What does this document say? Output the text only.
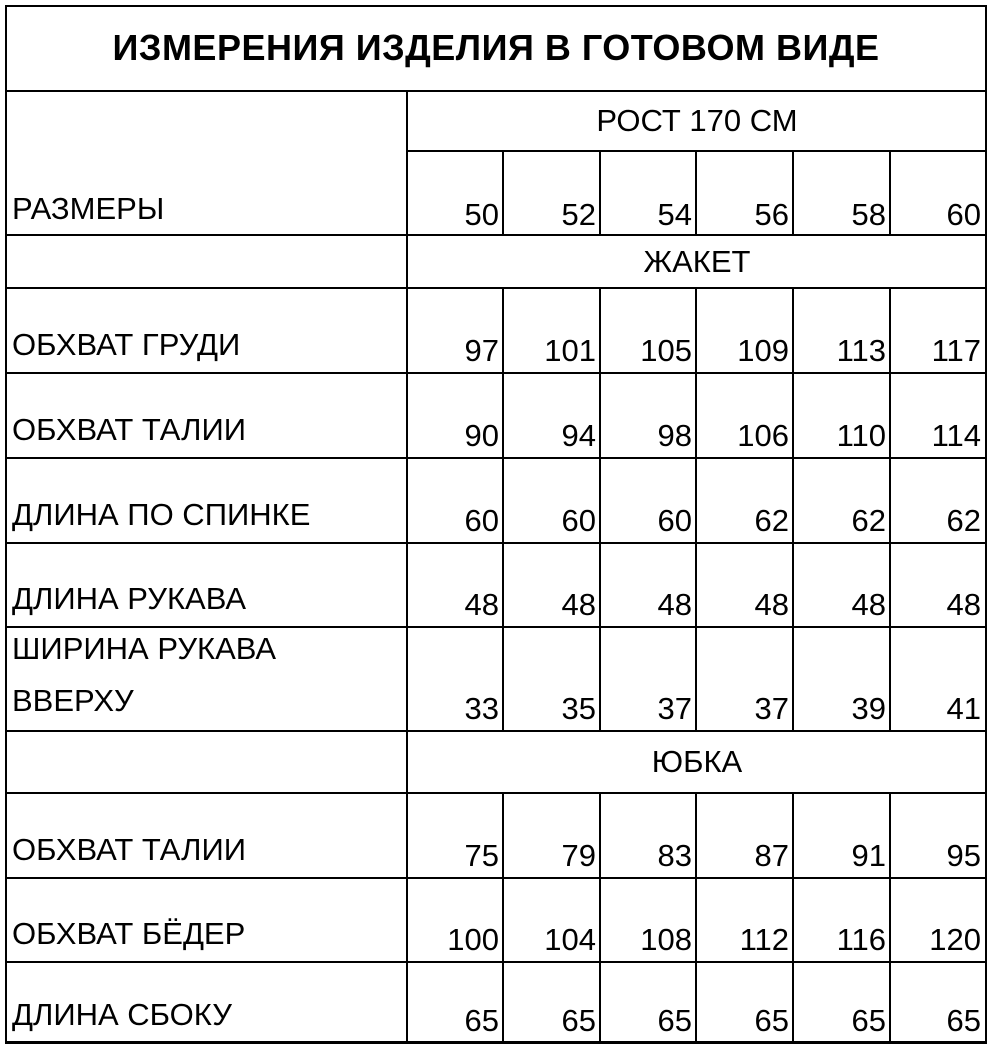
ИЗМЕРЕНИЯ ИЗДЕЛИЯ В ГОТОВОМ ВИДЕ
РОСТ 170 СМ
РАЗМЕРЫ	50	52	54	56	58	60
ЖАКЕТ
ОБХВАТ ГРУДИ	97	101	105	109	113	117
ОБХВАТ ТАЛИИ	90	94	98	106	110	114
ДЛИНА ПО СПИНКЕ	60	60	60	62	62	62
ДЛИНА РУКАВА	48	48	48	48	48	48
ШИРИНА РУКАВА ВВЕРХУ	33	35	37	37	39	41
ЮБКА
ОБХВАТ ТАЛИИ	75	79	83	87	91	95
ОБХВАТ БЁДЕР	100	104	108	112	116	120
ДЛИНА СБОКУ	65	65	65	65	65	65
